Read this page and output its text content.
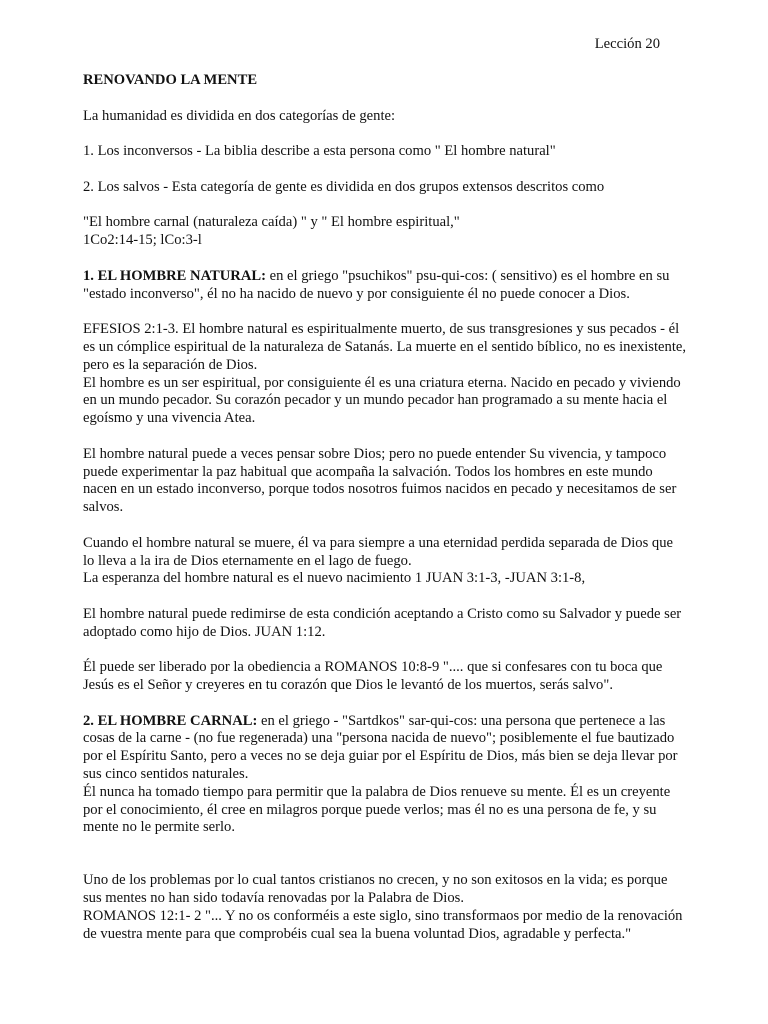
Lección 20
RENOVANDO LA MENTE

La humanidad es dividida en dos categorías de gente:

1. Los inconversos - La biblia describe a esta persona como " El hombre natural"

2. Los salvos - Esta categoría de gente es dividida en dos grupos extensos descritos como

"El hombre carnal (naturaleza caída) " y " El hombre espiritual,"

1Co2:14-15; lCo:3-l

1. EL HOMBRE NATURAL: en el griego "psuchikos" psu-qui-cos: ( sensitivo) es el hombre en su "estado inconverso", él no ha nacido de nuevo y por consiguiente él no puede conocer a Dios.

EFESIOS 2:1-3. El hombre natural es espiritualmente muerto, de sus transgresiones y sus pecados - él es un cómplice espiritual de la naturaleza de Satanás. La muerte en el sentido bíblico, no es inexistente, pero es la separación de Dios.

El hombre es un ser espiritual, por consiguiente él es una criatura eterna. Nacido en pecado y viviendo en un mundo pecador. Su corazón pecador y un mundo pecador han programado a su mente hacia el egoísmo y una vivencia Atea.

El hombre natural puede a veces pensar sobre Dios; pero no puede entender Su vivencia, y tampoco puede experimentar la paz habitual que acompaña la salvación. Todos los hombres en este mundo nacen en un estado inconverso, porque todos nosotros fuimos nacidos en pecado y necesitamos de ser salvos.

Cuando el hombre natural se muere, él va para siempre a una eternidad perdida separada de Dios que lo lleva a la ira de Dios eternamente en el lago de fuego.

La esperanza del hombre natural es el nuevo nacimiento 1 JUAN 3:1-3, -JUAN 3:1-8,

El hombre natural puede redimirse de esta condición aceptando a Cristo como su Salvador y puede ser adoptado como hijo de Dios. JUAN 1:12.

Él puede ser liberado por la obediencia a ROMANOS 10:8-9 ".... que si confesares con tu boca que Jesús es el Señor y creyeres en tu corazón que Dios le levantó de los muertos, serás salvo".

2. EL HOMBRE CARNAL: en el griego - "Sartdkos" sar-qui-cos: una persona que pertenece a las cosas de la carne - (no fue regenerada) una "persona nacida de nuevo"; posiblemente el fue bautizado por el Espíritu Santo, pero a veces no se deja guiar por el Espíritu de Dios, más bien se deja llevar por sus cinco sentidos naturales.

Él nunca ha tomado tiempo para permitir que la palabra de Dios renueve su mente. Él es un creyente por el conocimiento, él cree en milagros porque puede verlos; mas él no es una persona de fe, y su mente no le permite serlo.

Uno de los problemas por lo cual tantos cristianos no crecen, y no son exitosos en la vida; es porque sus mentes no han sido todavía renovadas por la Palabra de Dios.

ROMANOS 12:1- 2 "... Y no os conforméis a este siglo, sino transformaos por medio de la renovación de vuestra mente para que comprobéis cual sea la buena voluntad Dios, agradable y perfecta."
